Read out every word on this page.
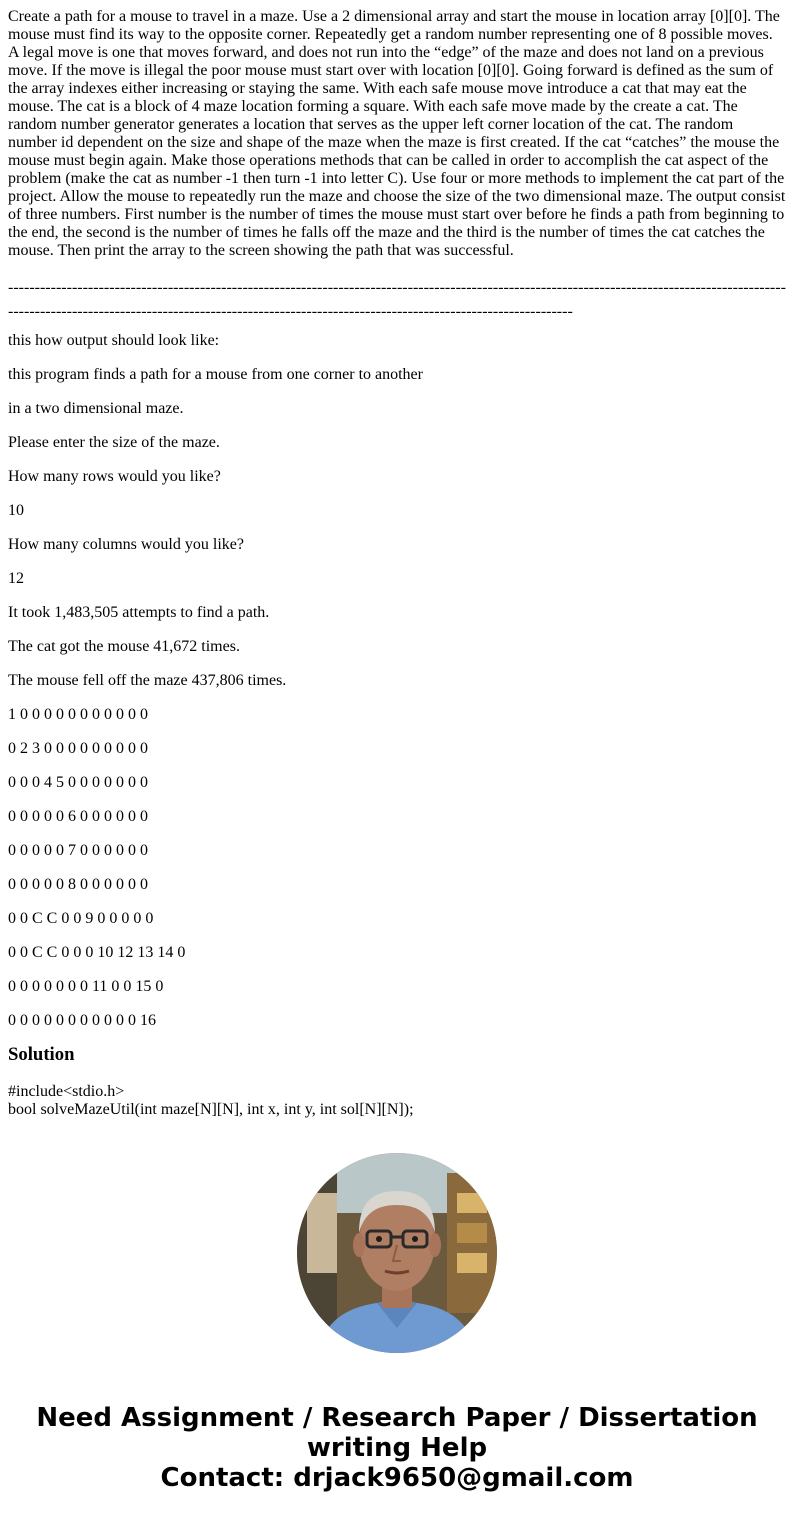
Create a path for a mouse to travel in a maze. Use a 2 dimensional array and start the mouse in location array [0][0]. The mouse must find its way to the opposite corner. Repeatedly get a random number representing one of 8 possible moves. A legal move is one that moves forward, and does not run into the “edge” of the maze and does not land on a previous move. If the move is illegal the poor mouse must start over with location [0][0]. Going forward is defined as the sum of the array indexes either increasing or staying the same. With each safe mouse move introduce a cat that may eat the mouse. The cat is a block of 4 maze location forming a square. With each safe move made by the create a cat. The random number generator generates a location that serves as the upper left corner location of the cat. The random number id dependent on the size and shape of the maze when the maze is first created. If the cat “catches” the mouse the mouse must begin again. Make those operations methods that can be called in order to accomplish the cat aspect of the problem (make the cat as number -1 then turn -1 into letter C). Use four or more methods to implement the cat part of the project. Allow the mouse to repeatedly run the maze and choose the size of the two dimensional maze. The output consist of three numbers. First number is the number of times the mouse must start over before he finds a path from beginning to the end, the second is the number of times he falls off the maze and the third is the number of times the cat catches the mouse. Then print the array to the screen showing the path that was successful.

------------------------------------------------------------------------------------------------------------------------------------------------------------------------------------------------------------------------------------------------------------

this how output should look like:

this program finds a path for a mouse from one corner to another

in a two dimensional maze.

Please enter the size of the maze.

How many rows would you like?

10

How many columns would you like?

12

It took 1,483,505 attempts to find a path.

The cat got the mouse 41,672 times.

The mouse fell off the maze 437,806 times.

1 0 0 0 0 0 0 0 0 0 0 0

0 2 3 0 0 0 0 0 0 0 0 0

0 0 0 4 5 0 0 0 0 0 0 0

0 0 0 0 0 6 0 0 0 0 0 0

0 0 0 0 0 7 0 0 0 0 0 0

0 0 0 0 0 8 0 0 0 0 0 0

0 0 C C 0 0 9 0 0 0 0 0

0 0 C C 0 0 0 10 12 13 14 0

0 0 0 0 0 0 0 11 0 0 15 0

0 0 0 0 0 0 0 0 0 0 0 16

Solution
#include<stdio.h>
bool solveMazeUtil(int maze[N][N], int x, int y, int sol[N][N]);
Need Assignment / Research Paper / Dissertation
writing Help
Contact: drjack9650@gmail.com
